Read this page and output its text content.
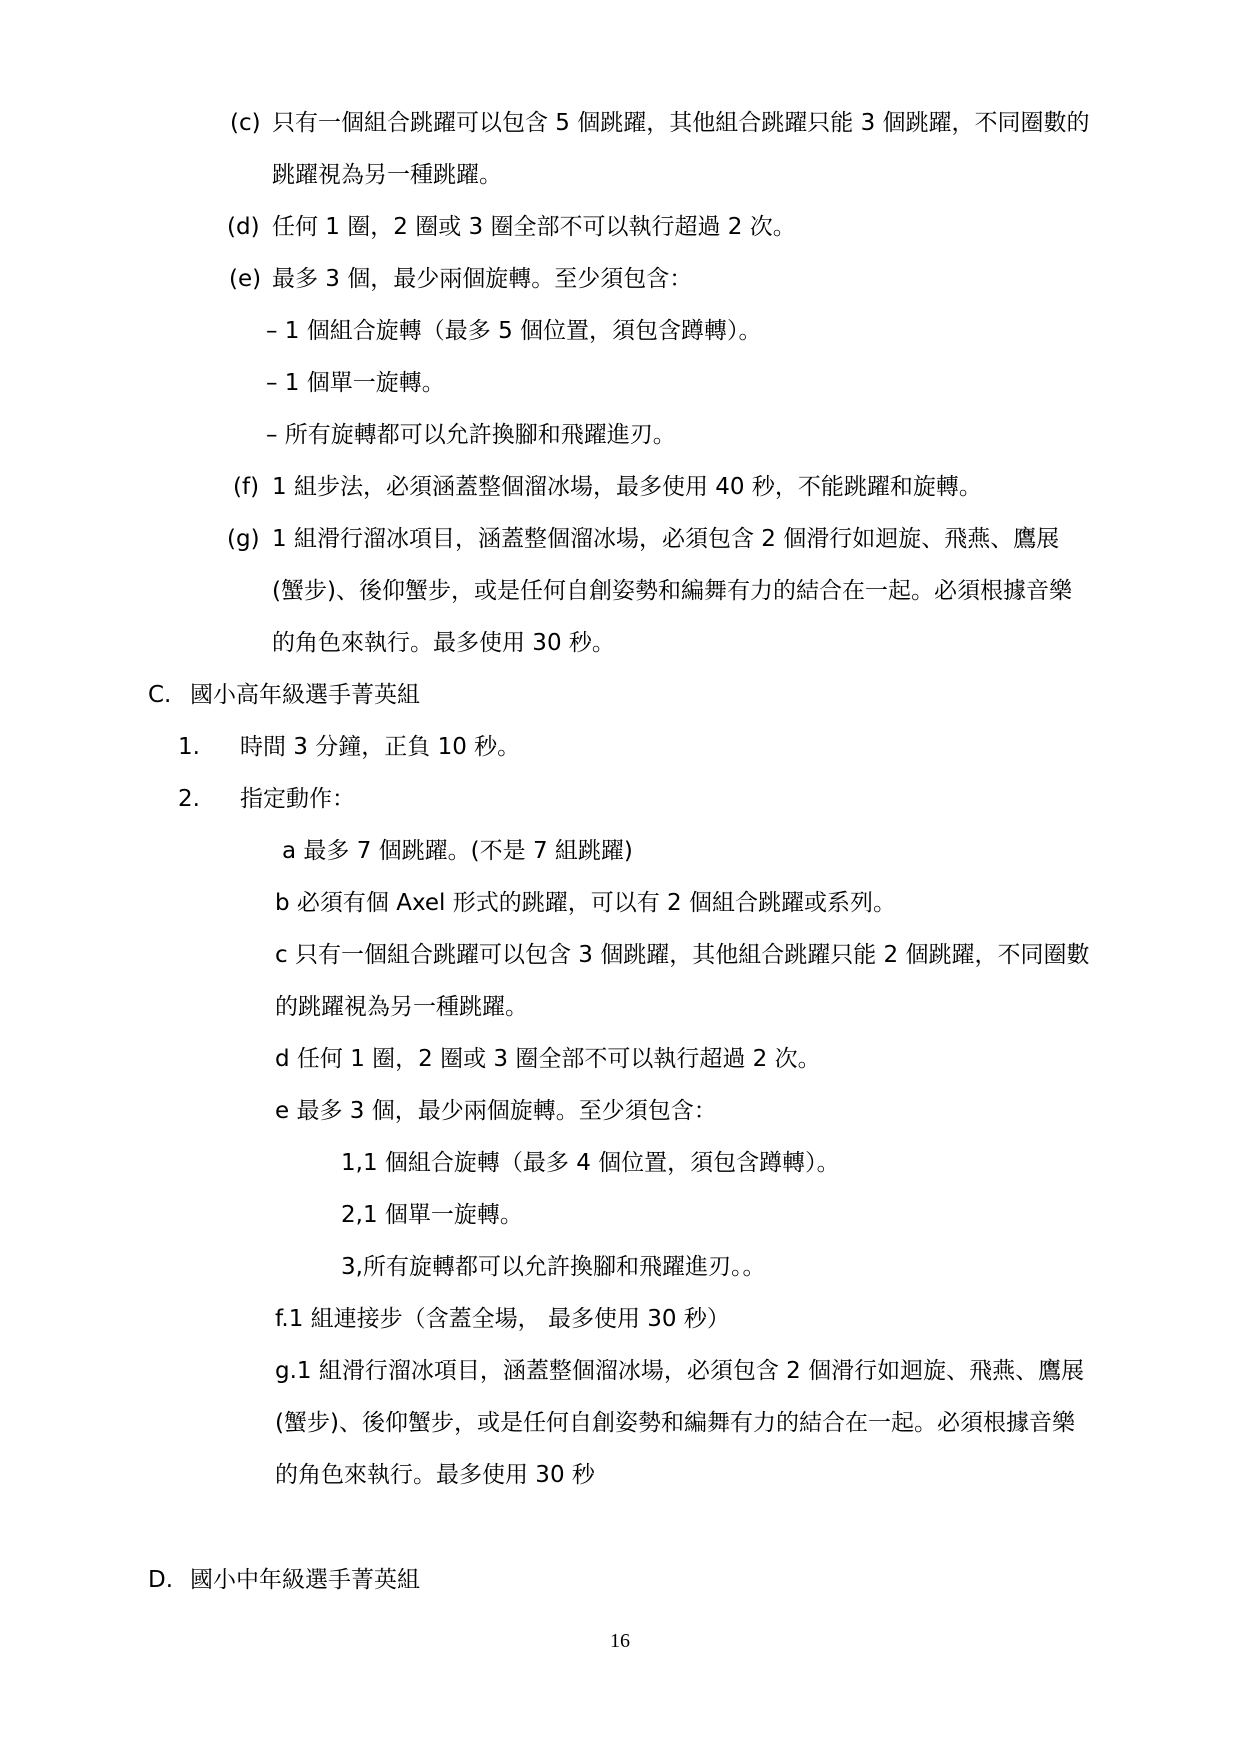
(c) 只有一個組合跳躍可以包含 5 個跳躍，其他組合跳躍只能 3 個跳躍，不同圈數的
跳躍視為另一種跳躍。
(d) 任何 1 圈，2 圈或 3 圈全部不可以執行超過 2 次。
(e) 最多 3 個，最少兩個旋轉。至少須包含：
– 1 個組合旋轉（最多 5 個位置，須包含蹲轉）。
– 1 個單一旋轉。
– 所有旋轉都可以允許換腳和飛躍進刃。
(f) 1 組步法，必須涵蓋整個溜冰場，最多使用 40 秒，不能跳躍和旋轉。
(g) 1 組滑行溜冰項目，涵蓋整個溜冰場，必須包含 2 個滑行如迴旋、飛燕、鷹展
(蟹步)、後仰蟹步，或是任何自創姿勢和編舞有力的結合在一起。必須根據音樂
的角色來執行。最多使用 30 秒。
C. 國小高年級選手菁英組
1. 時間 3 分鐘，正負 10 秒。
2. 指定動作：
a 最多 7 個跳躍。(不是 7 組跳躍)
b 必須有個 Axel 形式的跳躍，可以有 2 個組合跳躍或系列。
c 只有一個組合跳躍可以包含 3 個跳躍，其他組合跳躍只能 2 個跳躍，不同圈數
的跳躍視為另一種跳躍。
d 任何 1 圈，2 圈或 3 圈全部不可以執行超過 2 次。
e 最多 3 個，最少兩個旋轉。至少須包含：
1,1 個組合旋轉（最多 4 個位置，須包含蹲轉）。
2,1 個單一旋轉。
3,所有旋轉都可以允許換腳和飛躍進刃。。
f.1 組連接步（含蓋全場， 最多使用 30 秒）
g.1 組滑行溜冰項目，涵蓋整個溜冰場，必須包含 2 個滑行如迴旋、飛燕、鷹展
(蟹步)、後仰蟹步，或是任何自創姿勢和編舞有力的結合在一起。必須根據音樂
的角色來執行。最多使用 30 秒
D. 國小中年級選手菁英組
16
